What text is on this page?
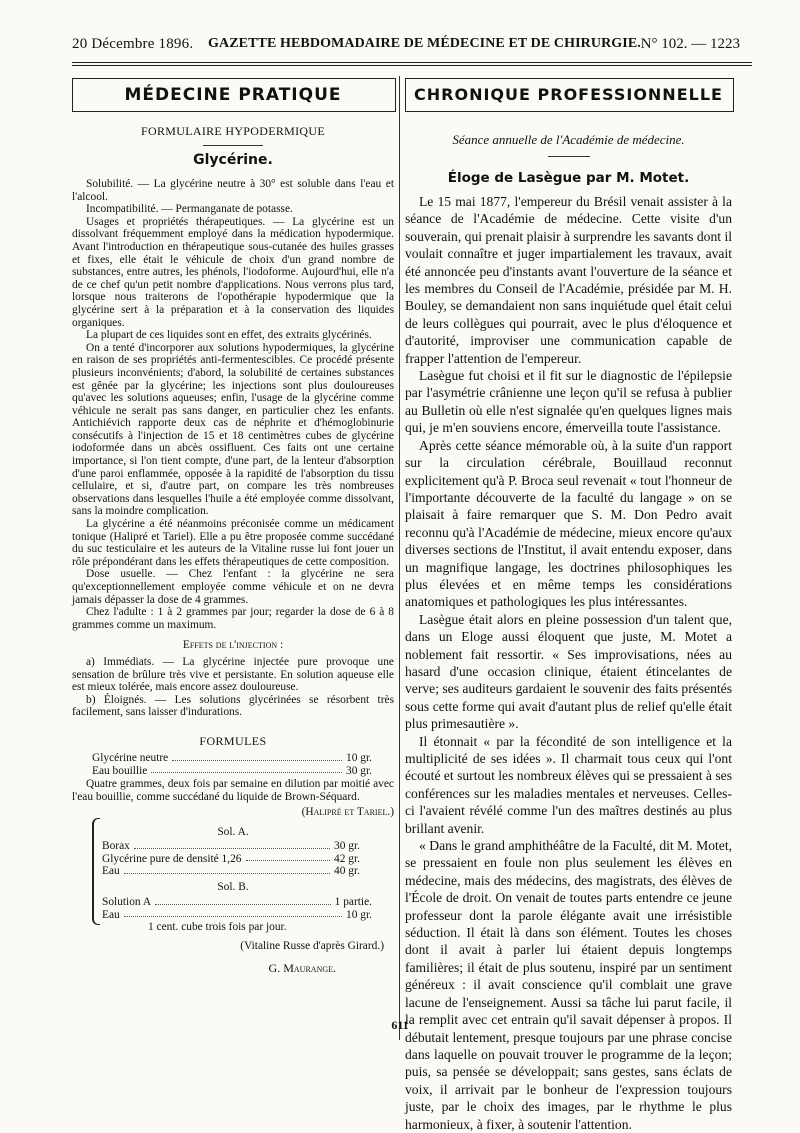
20 Décembre 1896. GAZETTE HEBDOMADAIRE DE MÉDECINE ET DE CHIRURGIE. N° 102. — 1223
MÉDECINE PRATIQUE
FORMULAIRE HYPODERMIQUE
Glycérine.

Solubilité. — La glycérine neutre à 30° est soluble dans l'eau et l'alcool.

Incompatibilité. — Permanganate de potasse.

Usages et propriétés thérapeutiques. — La glycérine est un dissolvant fréquemment employé dans la médication hypodermique. Avant l'introduction en thérapeutique sous-cutanée des huiles grasses et fixes, elle était le véhicule de choix d'un grand nombre de substances, entre autres, les phénols, l'iodoforme. Aujourd'hui, elle n'a de ce chef qu'un petit nombre d'applications. Nous verrons plus tard, lorsque nous traiterons de l'opothérapie hypodermique que la glycérine sert à la préparation et à la conservation des liquides organiques.

La plupart de ces liquides sont en effet, des extraits glycérinés.

On a tenté d'incorporer aux solutions hypodermiques, la glycérine en raison de ses propriétés anti-fermentescibles. Ce procédé présente plusieurs inconvénients; d'abord, la solubilité de certaines substances est gênée par la glycérine; les injections sont plus douloureuses qu'avec les solutions aqueuses; enfin, l'usage de la glycérine comme véhicule ne serait pas sans danger, en particulier chez les enfants. Antichiévich rapporte deux cas de néphrite et d'hémoglobinurie consécutifs à l'injection de 15 et 18 centimètres cubes de glycérine iodoformée dans un abcès ossifluent. Ces faits ont une certaine importance, si l'on tient compte, d'une part, de la lenteur d'absorption d'une paroi enflammée, opposée à la rapidité de l'absorption du tissu cellulaire, et si, d'autre part, on compare les très nombreuses observations dans lesquelles l'huile a été employée comme dissolvant, sans la moindre complication.

La glycérine a été néanmoins préconisée comme un médicament tonique (Halipré et Tariel). Elle a pu être proposée comme succédané du suc testiculaire et les auteurs de la Vitaline russe lui font jouer un rôle prépondérant dans les effets thérapeutiques de cette composition.

Dose usuelle. — Chez l'enfant : la glycérine ne sera qu'exceptionnellement employée comme véhicule et on ne devra jamais dépasser la dose de 4 grammes.

Chez l'adulte : 1 à 2 grammes par jour; regarder la dose de 6 à 8 grammes comme un maximum.

Effets de l'injection :

a) Immédiats. — La glycérine injectée pure provoque une sensation de brûlure très vive et persistante. En solution aqueuse elle est mieux tolérée, mais encore assez douloureuse.

b) Éloignés. — Les solutions glycérinées se résorbent très facilement, sans laisser d'indurations.

FORMULES
Glycérine neutre	10 gr.
Eau bouillie	30 gr.

Quatre grammes, deux fois par semaine en dilution par moitié avec l'eau bouillie, comme succédané du liquide de Brown-Séquard.

(Halipré et Tariel.)

Sol. A.
Borax	30 gr.
Glycérine pure de densité 1,26	42 gr.
Eau	40 gr.
Sol. B.
Solution A	1 partie.
Eau	10 gr.
1 cent. cube trois fois par jour.
(Vitaline Russe d'après Girard.)
G. Maurange.
CHRONIQUE PROFESSIONNELLE
Séance annuelle de l'Académie de médecine.
Éloge de Lasègue par M. Motet.

Le 15 mai 1877, l'empereur du Brésil venait assister à la séance de l'Académie de médecine. Cette visite d'un souverain, qui prenait plaisir à surprendre les savants dont il voulait connaître et juger impartialement les travaux, avait été annoncée peu d'instants avant l'ouverture de la séance et les membres du Conseil de l'Académie, présidée par M. H. Bouley, se demandaient non sans inquiétude quel était celui de leurs collègues qui pourrait, avec le plus d'éloquence et d'autorité, improviser une communication capable de frapper l'attention de l'empereur.

Lasègue fut choisi et il fit sur le diagnostic de l'épilepsie par l'asymétrie crânienne une leçon qu'il se refusa à publier au Bulletin où elle n'est signalée qu'en quelques lignes mais qui, je m'en souviens encore, émerveilla toute l'assistance.

Après cette séance mémorable où, à la suite d'un rapport sur la circulation cérébrale, Bouillaud reconnut explicitement qu'à P. Broca seul revenait « tout l'honneur de l'importante découverte de la faculté du langage » on se plaisait à faire remarquer que S. M. Don Pedro avait reconnu qu'à l'Académie de médecine, mieux encore qu'aux diverses sections de l'Institut, il avait entendu exposer, dans un magnifique langage, les doctrines philosophiques les plus élevées et en même temps les considérations anatomiques et pathologiques les plus intéressantes.

Lasègue était alors en pleine possession d'un talent que, dans un Eloge aussi éloquent que juste, M. Motet a noblement fait ressortir. « Ses improvisations, nées au hasard d'une occasion clinique, étaient étincelantes de verve; ses auditeurs gardaient le souvenir des faits présentés sous cette forme qui avait d'autant plus de relief qu'elle était plus primesautière ».

Il étonnait « par la fécondité de son intelligence et la multiplicité de ses idées ». Il charmait tous ceux qui l'ont écouté et surtout les nombreux élèves qui se pressaient à ses conférences sur les maladies mentales et nerveuses. Celles-ci l'avaient révélé comme l'un des maîtres destinés au plus brillant avenir.

« Dans le grand amphithéâtre de la Faculté, dit M. Motet, se pressaient en foule non plus seulement les élèves en médecine, mais des médecins, des magistrats, des élèves de l'École de droit. On venait de toutes parts entendre ce jeune professeur dont la parole élégante avait une irrésistible séduction. Il était là dans son élément. Toutes les choses dont il avait à parler lui étaient depuis longtemps familières; il était de plus soutenu, inspiré par un sentiment généreux : il avait conscience qu'il comblait une grave lacune de l'enseignement. Aussi sa tâche lui parut facile, il la remplit avec cet entrain qu'il savait dépenser à propos. Il débutait lentement, presque toujours par une phrase concise dans laquelle on pouvait trouver le programme de la leçon; puis, sa pensée se développait; sans gestes, sans éclats de voix, il arrivait par le bonheur de l'expression toujours juste, par le choix des images, par le rhythme le plus harmonieux, à fixer, à soutenir l'attention.

611
